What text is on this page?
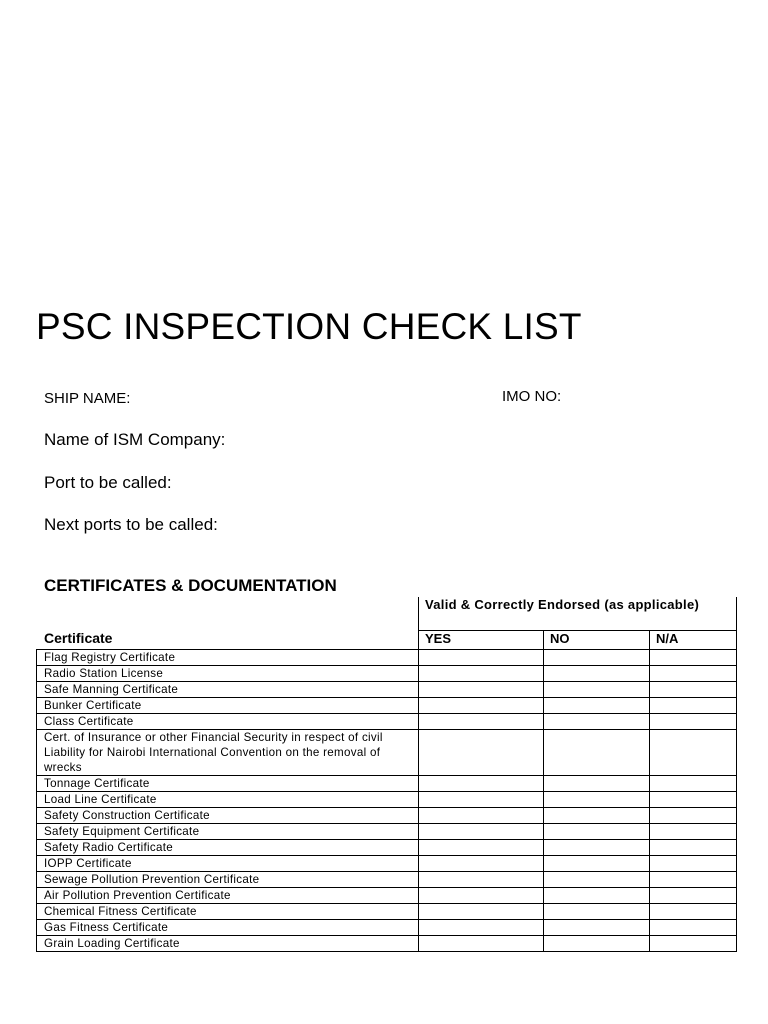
PSC INSPECTION CHECK LIST
SHIP NAME:	IMO NO:
Name of ISM Company:
Port to be called:
Next ports to be called:
CERTIFICATES & DOCUMENTATION
Valid & Correctly Endorsed (as applicable)
Certificate	YES	NO	N/A
Flag Registry Certificate			
Radio Station License			
Safe Manning Certificate			
Bunker Certificate			
Class Certificate			
Cert. of Insurance or other Financial Security in respect of civil Liability for Nairobi International Convention on the removal of wrecks			
Tonnage Certificate			
Load Line Certificate			
Safety Construction Certificate			
Safety Equipment Certificate			
Safety Radio Certificate			
IOPP Certificate			
Sewage Pollution Prevention Certificate			
Air Pollution Prevention Certificate			
Chemical Fitness Certificate			
Gas Fitness Certificate			
Grain Loading Certificate			
